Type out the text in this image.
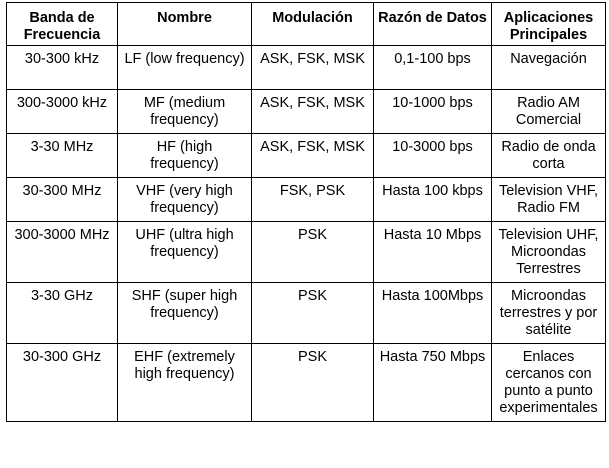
Banda de Frecuencia	Nombre	Modulación	Razón de Datos	Aplicaciones Principales
30-300 kHz	LF (low frequency)	ASK, FSK, MSK	0,1-100 bps	Navegación
300-3000 kHz	MF (medium frequency)	ASK, FSK, MSK	10-1000 bps	Radio AM Comercial
3-30 MHz	HF (high frequency)	ASK, FSK, MSK	10-3000 bps	Radio de onda corta
30-300 MHz	VHF (very high frequency)	FSK, PSK	Hasta 100 kbps	Television VHF, Radio FM
300-3000 MHz	UHF (ultra high frequency)	PSK	Hasta 10 Mbps	Television UHF, Microondas Terrestres
3-30 GHz	SHF (super high frequency)	PSK	Hasta 100Mbps	Microondas terrestres y por satélite
30-300 GHz	EHF (extremely high frequency)	PSK	Hasta 750 Mbps	Enlaces cercanos con punto a punto experimentales
